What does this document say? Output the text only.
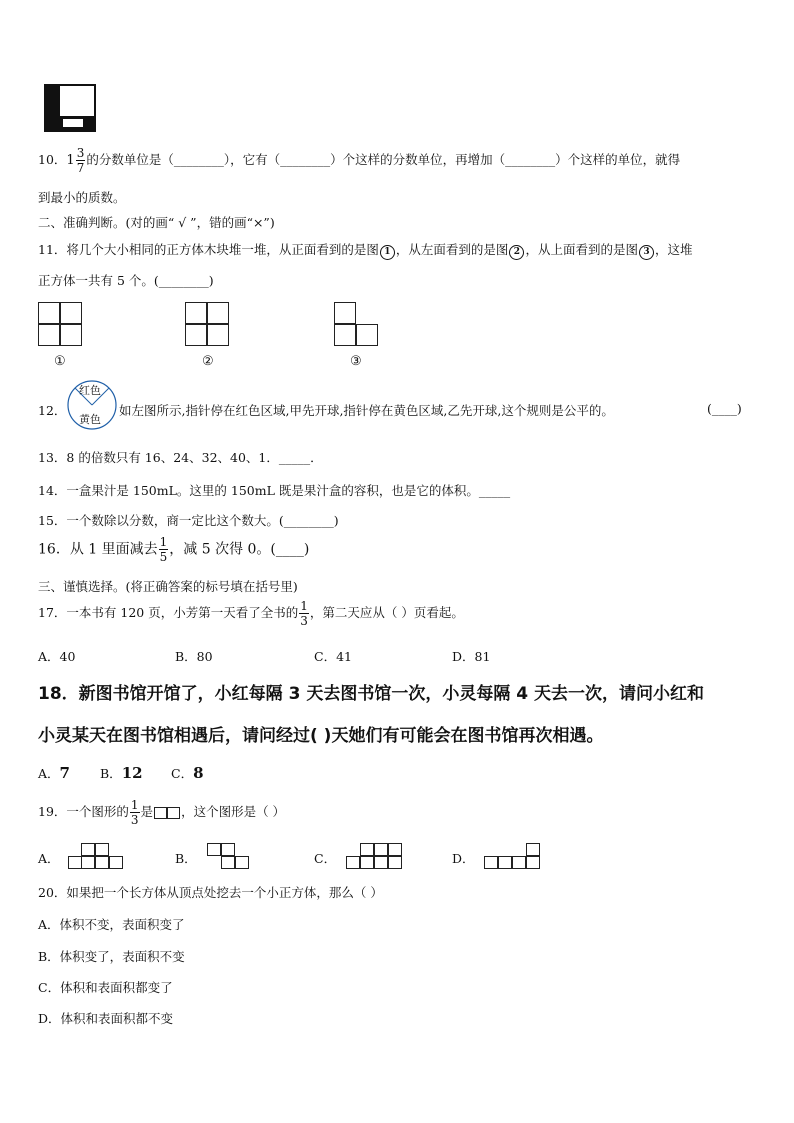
10．$1 \frac{3}{7}$ 的分数单位是（________），它有（________）个这样的分数单位，再增加（________）个这样的单位，就得
到最小的质数。
二、准确判断。(对的画“ √ ”，错的画“×”)
11．将几个大小相同的正方体木块堆一堆，从正面看到的是图 1 ，从左面看到的是图 2 ，从上面看到的是图 3 ，这堆
正方体一共有 5 个。(________)
①	②	③
12．
红色
黄色
如左图所示,指针停在红色区域,甲先开球,指针停在黄色区域,乙先开球,这个规则是公平的。	(____)
13．8 的倍数只有 16、24、32、40、1．_____．
14．一盒果汁是 150mL。这里的 150mL 既是果汁盒的容积，也是它的体积。_____
15．一个数除以分数，商一定比这个数大。(________)
16．从 1 里面减去 $\frac{1}{5}$ ，减 5 次得 0。(____)
三、谨慎选择。(将正确答案的标号填在括号里)
17．一本书有 120 页，小芳第一天看了全书的 $\frac{1}{3}$ ，第二天应从（ ）页看起。
A．40	B．80	C．41	D．81
18．新图书馆开馆了，小红每隔 3 天去图书馆一次，小灵每隔 4 天去一次，请问小红和
小灵某天在图书馆相遇后，请问经过( )天她们有可能会在图书馆再次相遇。
A．7 B．12 C．8
19．一个图形的 $\frac{1}{3}$ 是 ，这个图形是（ ）
A．	B．	C．	D．
20．如果把一个长方体从顶点处挖去一个小正方体，那么（ ）
A．体积不变，表面积变了
B．体积变了，表面积不变
C．体积和表面积都变了
D．体积和表面积都不变
